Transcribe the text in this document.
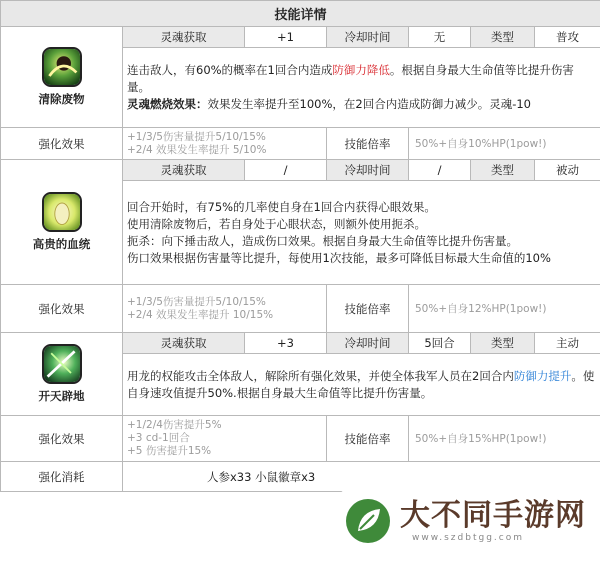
技能详情						

清除废物	灵魂获取	+1	冷却时间	无	类型	普攻
	连击敌人，有60%的概率在1回合内造成防御力降低。根据自身最大生命值等比提升伤害量。
灵魂燃烧效果：效果发生率提升至100%，在2回合内造成防御力减少。灵魂-10					
强化效果	+1/3/5伤害量提升5/10/15%
+2/4 效果发生率提升 5/10%		技能倍率	50%+自身10%HP(1pow!)		

高贵的血统	灵魂获取	/	冷却时间	/	类型	被动

	回合开始时，有75%的几率使自身在1回合内获得心眼效果。
使用清除废物后，若自身处于心眼状态，则额外使用扼杀。
扼杀：向下捶击敌人，造成伤口效果。根据自身最大生命值等比提升伤害量。
伤口效果根据伤害量等比提升，每使用1次技能，最多可降低目标最大生命值的10%					

强化效果	+1/3/5伤害量提升5/10/15%
+2/4 效果发生率提升 10/15%		技能倍率	50%+自身12%HP(1pow!)		

开天辟地	灵魂获取	+3	冷却时间	5回合	类型	主动
	用龙的权能攻击全体敌人，解除所有强化效果，并使全体我军人员在2回合内防御力提升。使自身速攻值提升50%.根据自身最大生命值等比提升伤害量。					
强化效果	+1/2/4伤害提升5%
+3 cd-1回合
+5 伤害提升15%		技能倍率	50%+自身15%HP(1pow!)		
强化消耗	人参x33 小鼠徽章x3					
大不同手游网
www.szdbtgg.com
